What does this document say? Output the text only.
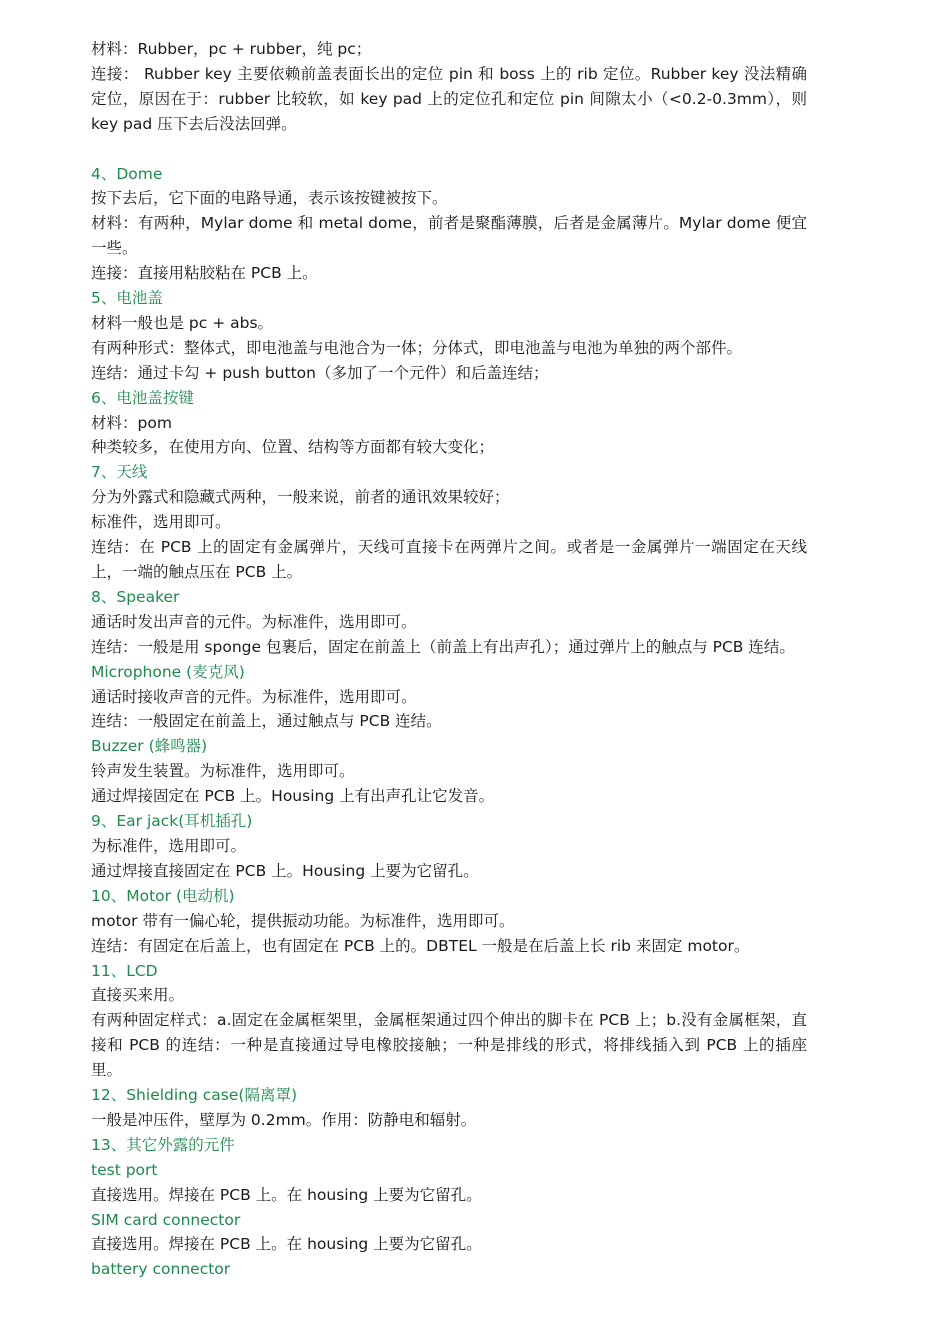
材料：Rubber，pc + rubber，纯 pc；

连接： Rubber key 主要依赖前盖表面长出的定位 pin 和 boss 上的 rib 定位。Rubber key 没法精确定位，原因在于：rubber 比较软，如 key pad 上的定位孔和定位 pin 间隙太小（<0.2-0.3mm），则 key pad 压下去后没法回弹。

4、Dome

按下去后，它下面的电路导通，表示该按键被按下。

材料：有两种，Mylar dome 和 metal dome，前者是聚酯薄膜，后者是金属薄片。Mylar dome 便宜一些。

连接：直接用粘胶粘在 PCB 上。

5、电池盖

材料一般也是 pc + abs。

有两种形式：整体式，即电池盖与电池合为一体；分体式，即电池盖与电池为单独的两个部件。

连结：通过卡勾 + push button（多加了一个元件）和后盖连结；

6、电池盖按键

材料：pom

种类较多，在使用方向、位置、结构等方面都有较大变化；

7、天线

分为外露式和隐藏式两种，一般来说，前者的通讯效果较好；

标准件，选用即可。

连结：在 PCB 上的固定有金属弹片，天线可直接卡在两弹片之间。或者是一金属弹片一端固定在天线上，一端的触点压在 PCB 上。

8、Speaker

通话时发出声音的元件。为标准件，选用即可。

连结：一般是用 sponge 包裹后，固定在前盖上（前盖上有出声孔）；通过弹片上的触点与 PCB 连结。

Microphone (麦克风)

通话时接收声音的元件。为标准件，选用即可。

连结：一般固定在前盖上，通过触点与 PCB 连结。

Buzzer (蜂鸣器)

铃声发生装置。为标准件，选用即可。

通过焊接固定在 PCB 上。Housing 上有出声孔让它发音。

9、Ear jack(耳机插孔)

为标准件，选用即可。

通过焊接直接固定在 PCB 上。Housing 上要为它留孔。

10、Motor (电动机)

motor 带有一偏心轮，提供振动功能。为标准件，选用即可。

连结：有固定在后盖上，也有固定在 PCB 上的。DBTEL 一般是在后盖上长 rib 来固定 motor。

11、LCD

直接买来用。

有两种固定样式：a.固定在金属框架里，金属框架通过四个伸出的脚卡在 PCB 上；b.没有金属框架，直接和 PCB 的连结：一种是直接通过导电橡胶接触；一种是排线的形式，将排线插入到 PCB 上的插座里。

12、Shielding case(隔离罩)

一般是冲压件，壁厚为 0.2mm。作用：防静电和辐射。

13、其它外露的元件

test port

直接选用。焊接在 PCB 上。在 housing 上要为它留孔。

SIM card connector

直接选用。焊接在 PCB 上。在 housing 上要为它留孔。

battery connector
